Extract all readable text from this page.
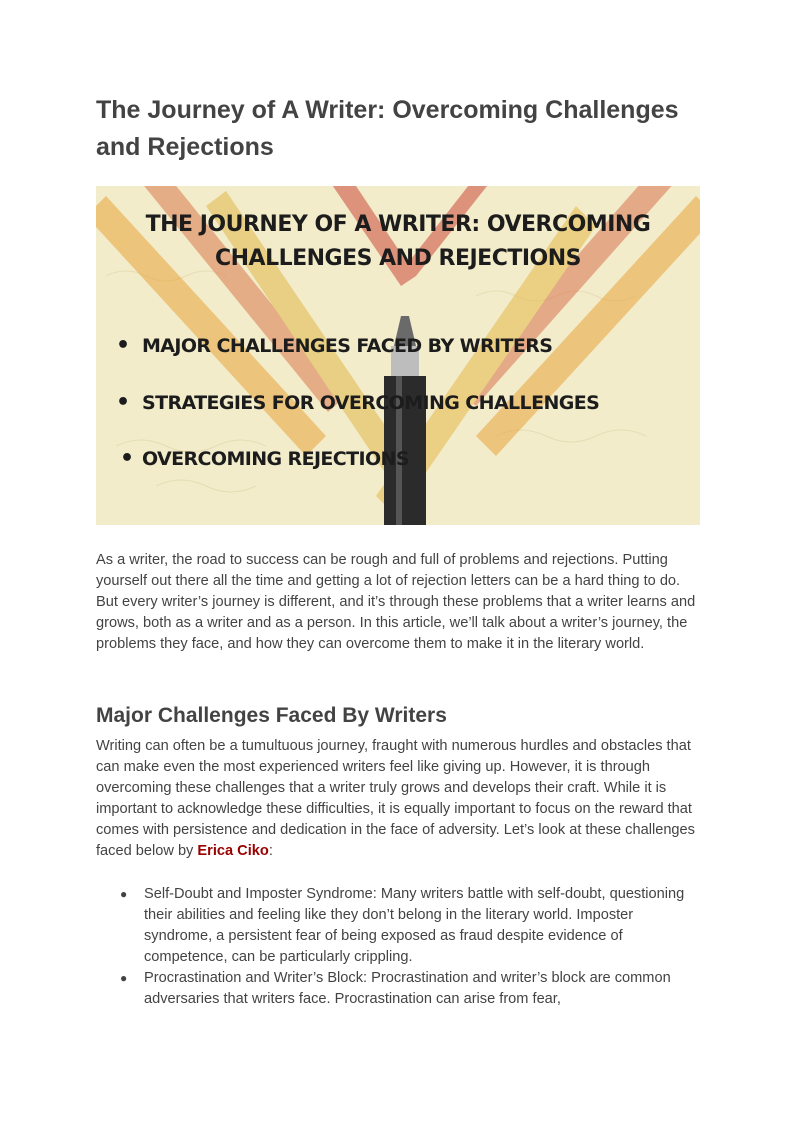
The Journey of A Writer: Overcoming Challenges and Rejections
THE JOURNEY OF A WRITER: OVERCOMING CHALLENGES AND REJECTIONS
• MAJOR CHALLENGES FACED BY WRITERS
• STRATEGIES FOR OVERCOMING CHALLENGES
• OVERCOMING REJECTIONS

As a writer, the road to success can be rough and full of problems and rejections. Putting yourself out there all the time and getting a lot of rejection letters can be a hard thing to do. But every writer’s journey is different, and it’s through these problems that a writer learns and grows, both as a writer and as a person. In this article, we’ll talk about a writer’s journey, the problems they face, and how they can overcome them to make it in the literary world.

Major Challenges Faced By Writers

Writing can often be a tumultuous journey, fraught with numerous hurdles and obstacles that can make even the most experienced writers feel like giving up. However, it is through overcoming these challenges that a writer truly grows and develops their craft. While it is important to acknowledge these difficulties, it is equally important to focus on the reward that comes with persistence and dedication in the face of adversity. Let’s look at these challenges faced below by Erica Ciko:

● Self-Doubt and Imposter Syndrome: Many writers battle with self-doubt, questioning their abilities and feeling like they don’t belong in the literary world. Imposter syndrome, a persistent fear of being exposed as fraud despite evidence of competence, can be particularly crippling.
● Procrastination and Writer’s Block: Procrastination and writer’s block are common adversaries that writers face. Procrastination can arise from fear,
